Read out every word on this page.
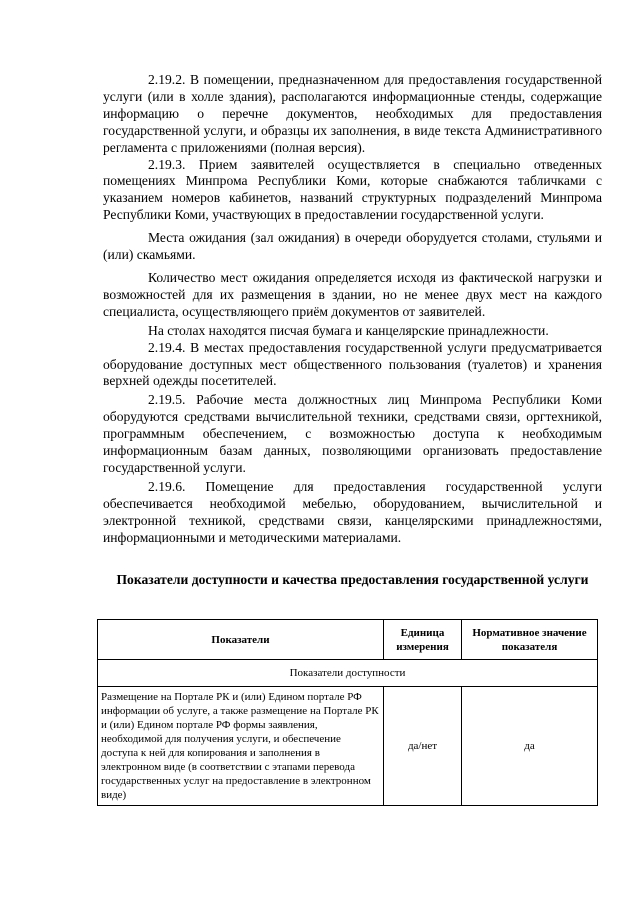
2.19.2. В помещении, предназначенном для предоставления государственной услуги (или в холле здания), располагаются информационные стенды, содержащие информацию о перечне документов, необходимых для предоставления государственной услуги, и образцы их заполнения, в виде текста Административного регламента с приложениями (полная версия).

2.19.3. Прием заявителей осуществляется в специально отведенных помещениях Минпрома Республики Коми, которые снабжаются табличками с указанием номеров кабинетов, названий структурных подразделений Минпрома Республики Коми, участвующих в предоставлении государственной услуги.

Места ожидания (зал ожидания) в очереди оборудуется столами, стульями и (или) скамьями.

Количество мест ожидания определяется исходя из фактической нагрузки и возможностей для их размещения в здании, но не менее двух мест на каждого специалиста, осуществляющего приём документов от заявителей.

На столах находятся писчая бумага и канцелярские принадлежности.

2.19.4. В местах предоставления государственной услуги предусматривается оборудование доступных мест общественного пользования (туалетов) и хранения верхней одежды посетителей.

2.19.5. Рабочие места должностных лиц Минпрома Республики Коми оборудуются средствами вычислительной техники, средствами связи, оргтехникой, программным обеспечением, с возможностью доступа к необходимым информационным базам данных, позволяющими организовать предоставление государственной услуги.

2.19.6. Помещение для предоставления государственной услуги обеспечивается необходимой мебелью, оборудованием, вычислительной и электронной техникой, средствами связи, канцелярскими принадлежностями, информационными и методическими материалами.

Показатели доступности и качества предоставления государственной услуги
Показатели	Единица измерения	Нормативное значение показателя
Показатели доступности		
Размещение на Портале РК и (или) Едином портале РФ информации об услуге, а также размещение на Портале РК и (или) Едином портале РФ формы заявления, необходимой для получения услуги, и обеспечение доступа к ней для копирования и заполнения в электронном виде (в соответствии с этапами перевода государственных услуг на предоставление в электронном виде)	да/нет	да
